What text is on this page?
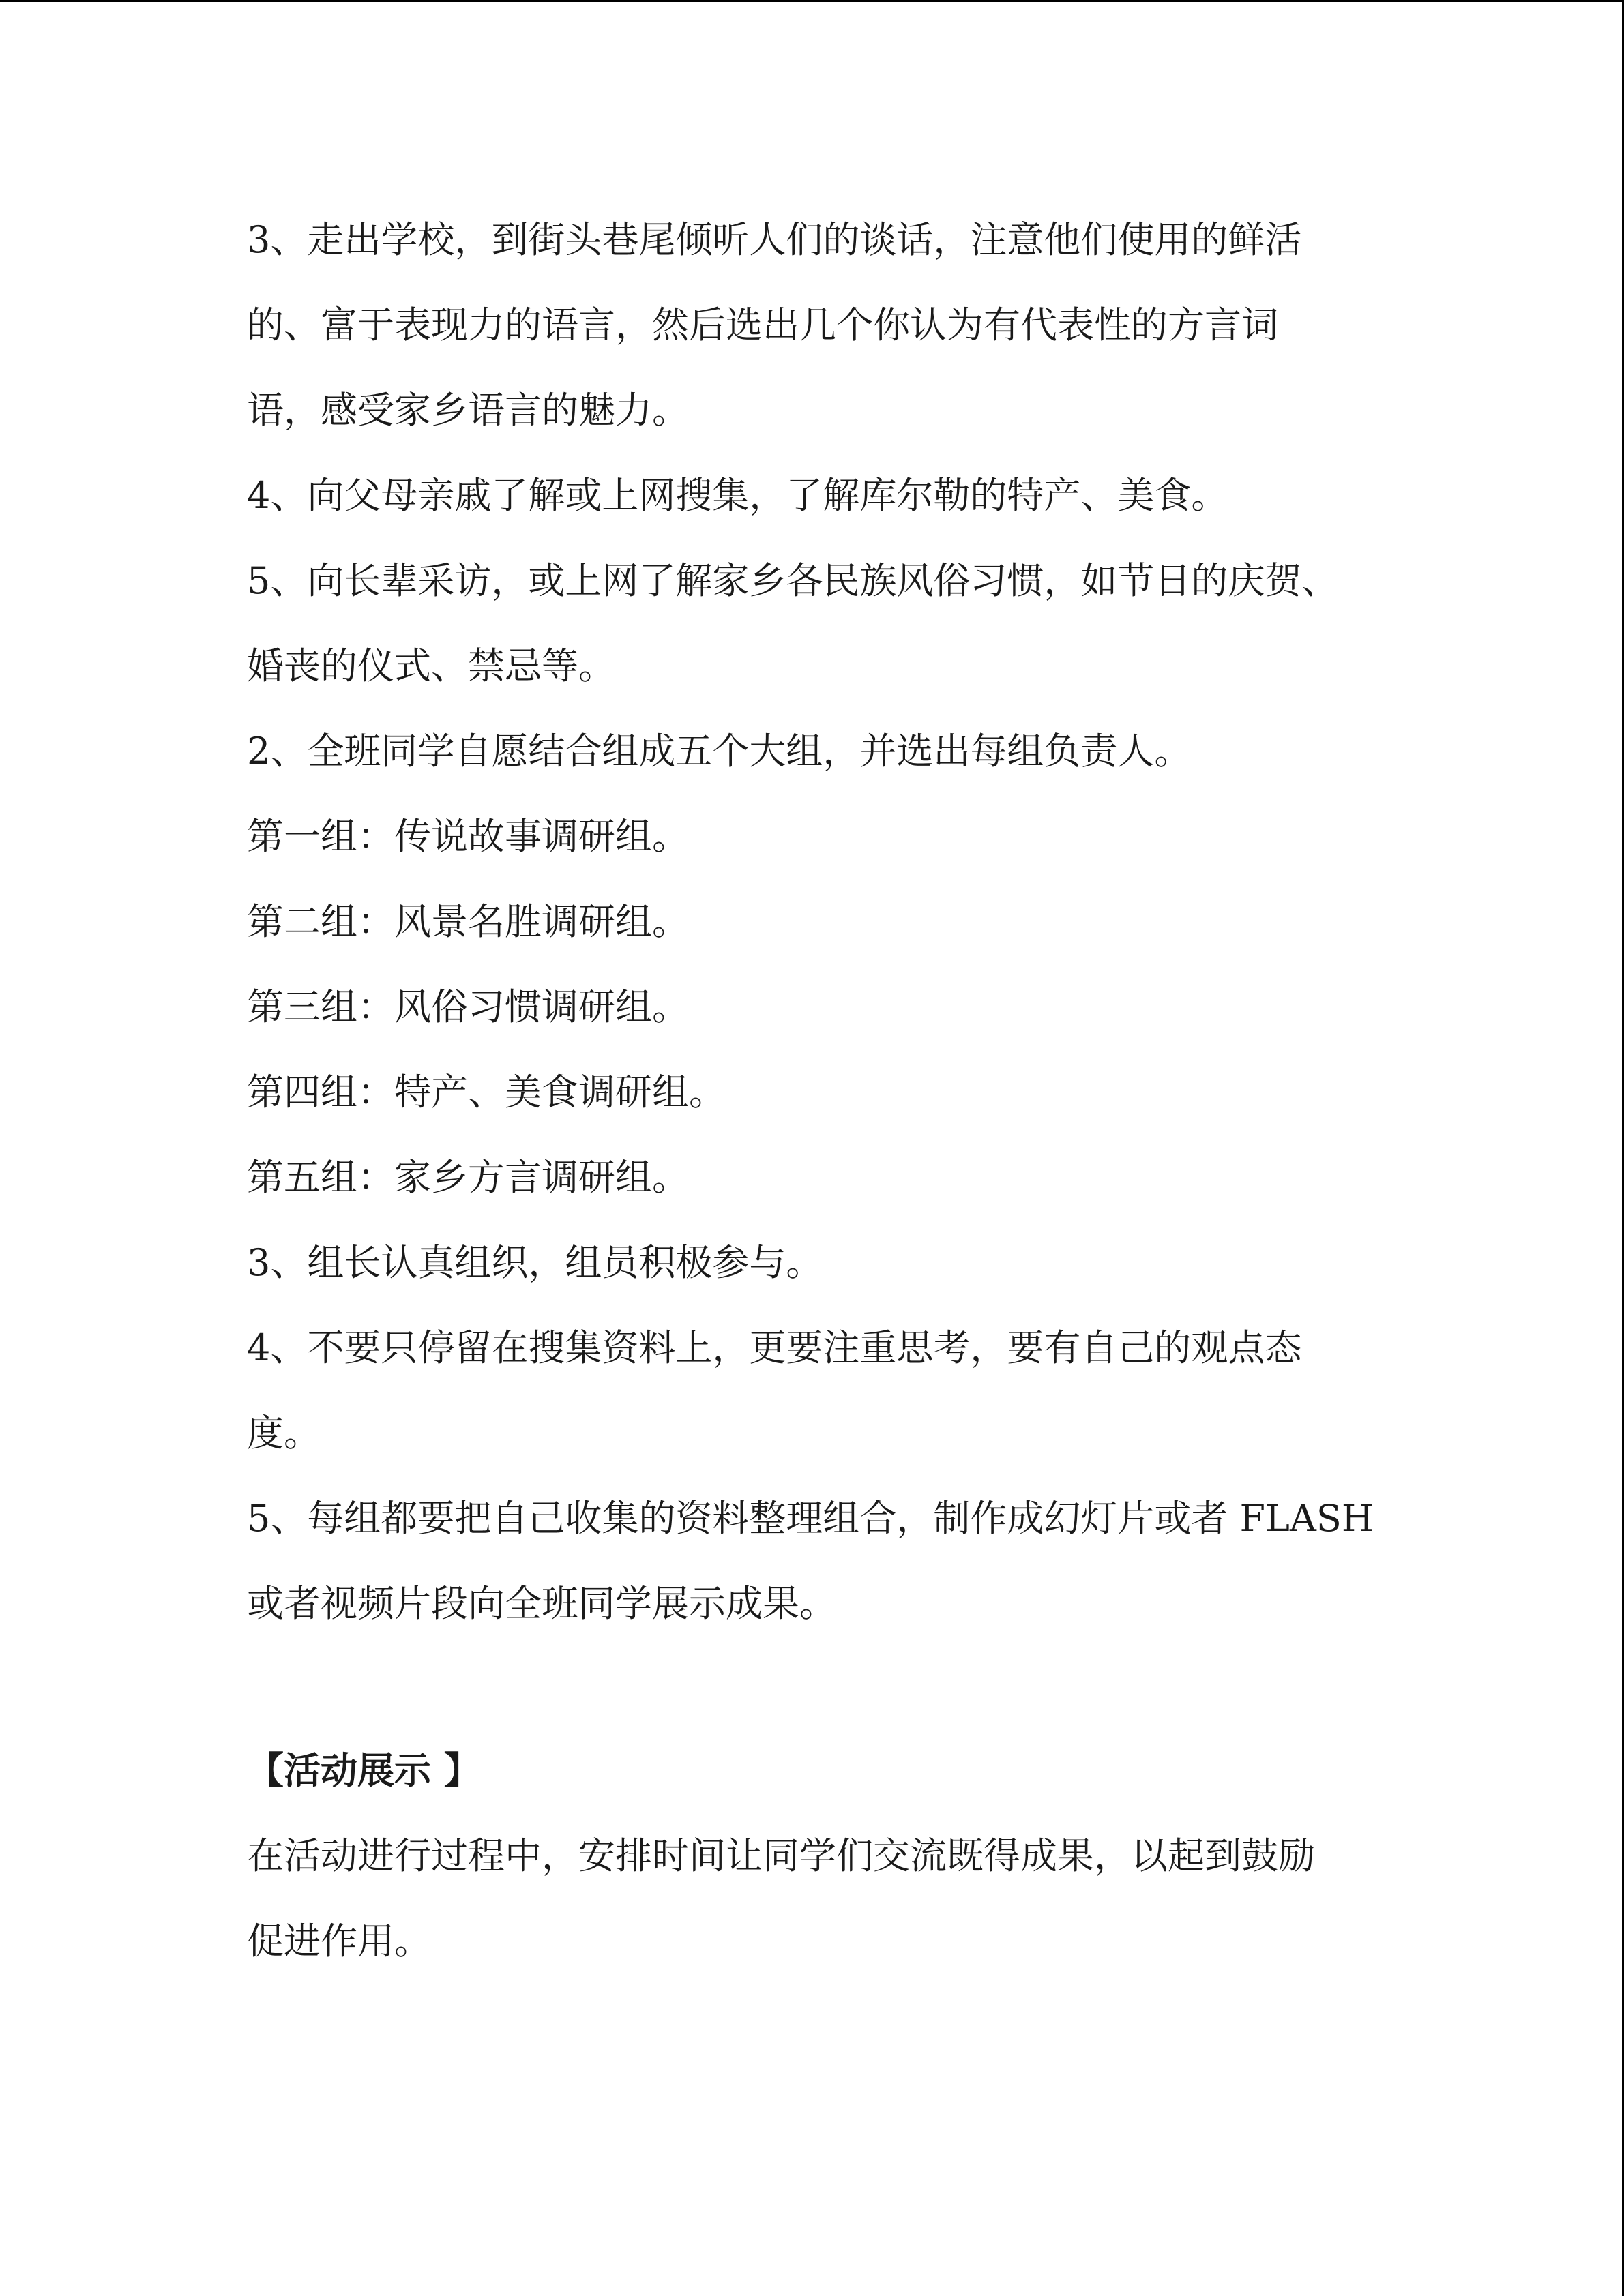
3、走出学校，到街头巷尾倾听人们的谈话，注意他们使用的鲜活
的、富于表现力的语言，然后选出几个你认为有代表性的方言词
语，感受家乡语言的魅力。
4、向父母亲戚了解或上网搜集，了解库尔勒的特产、美食。
5、向长辈采访，或上网了解家乡各民族风俗习惯，如节日的庆贺、
婚丧的仪式、禁忌等。
2、全班同学自愿结合组成五个大组，并选出每组负责人。
第一组：传说故事调研组。
第二组：风景名胜调研组。
第三组：风俗习惯调研组。
第四组：特产、美食调研组。
第五组：家乡方言调研组。
3、组长认真组织，组员积极参与。
4、不要只停留在搜集资料上，更要注重思考，要有自己的观点态
度。
5、每组都要把自己收集的资料整理组合，制作成幻灯片或者 FLASH
或者视频片段向全班同学展示成果。
【活动展示 】
在活动进行过程中，安排时间让同学们交流既得成果，以起到鼓励
促进作用。
